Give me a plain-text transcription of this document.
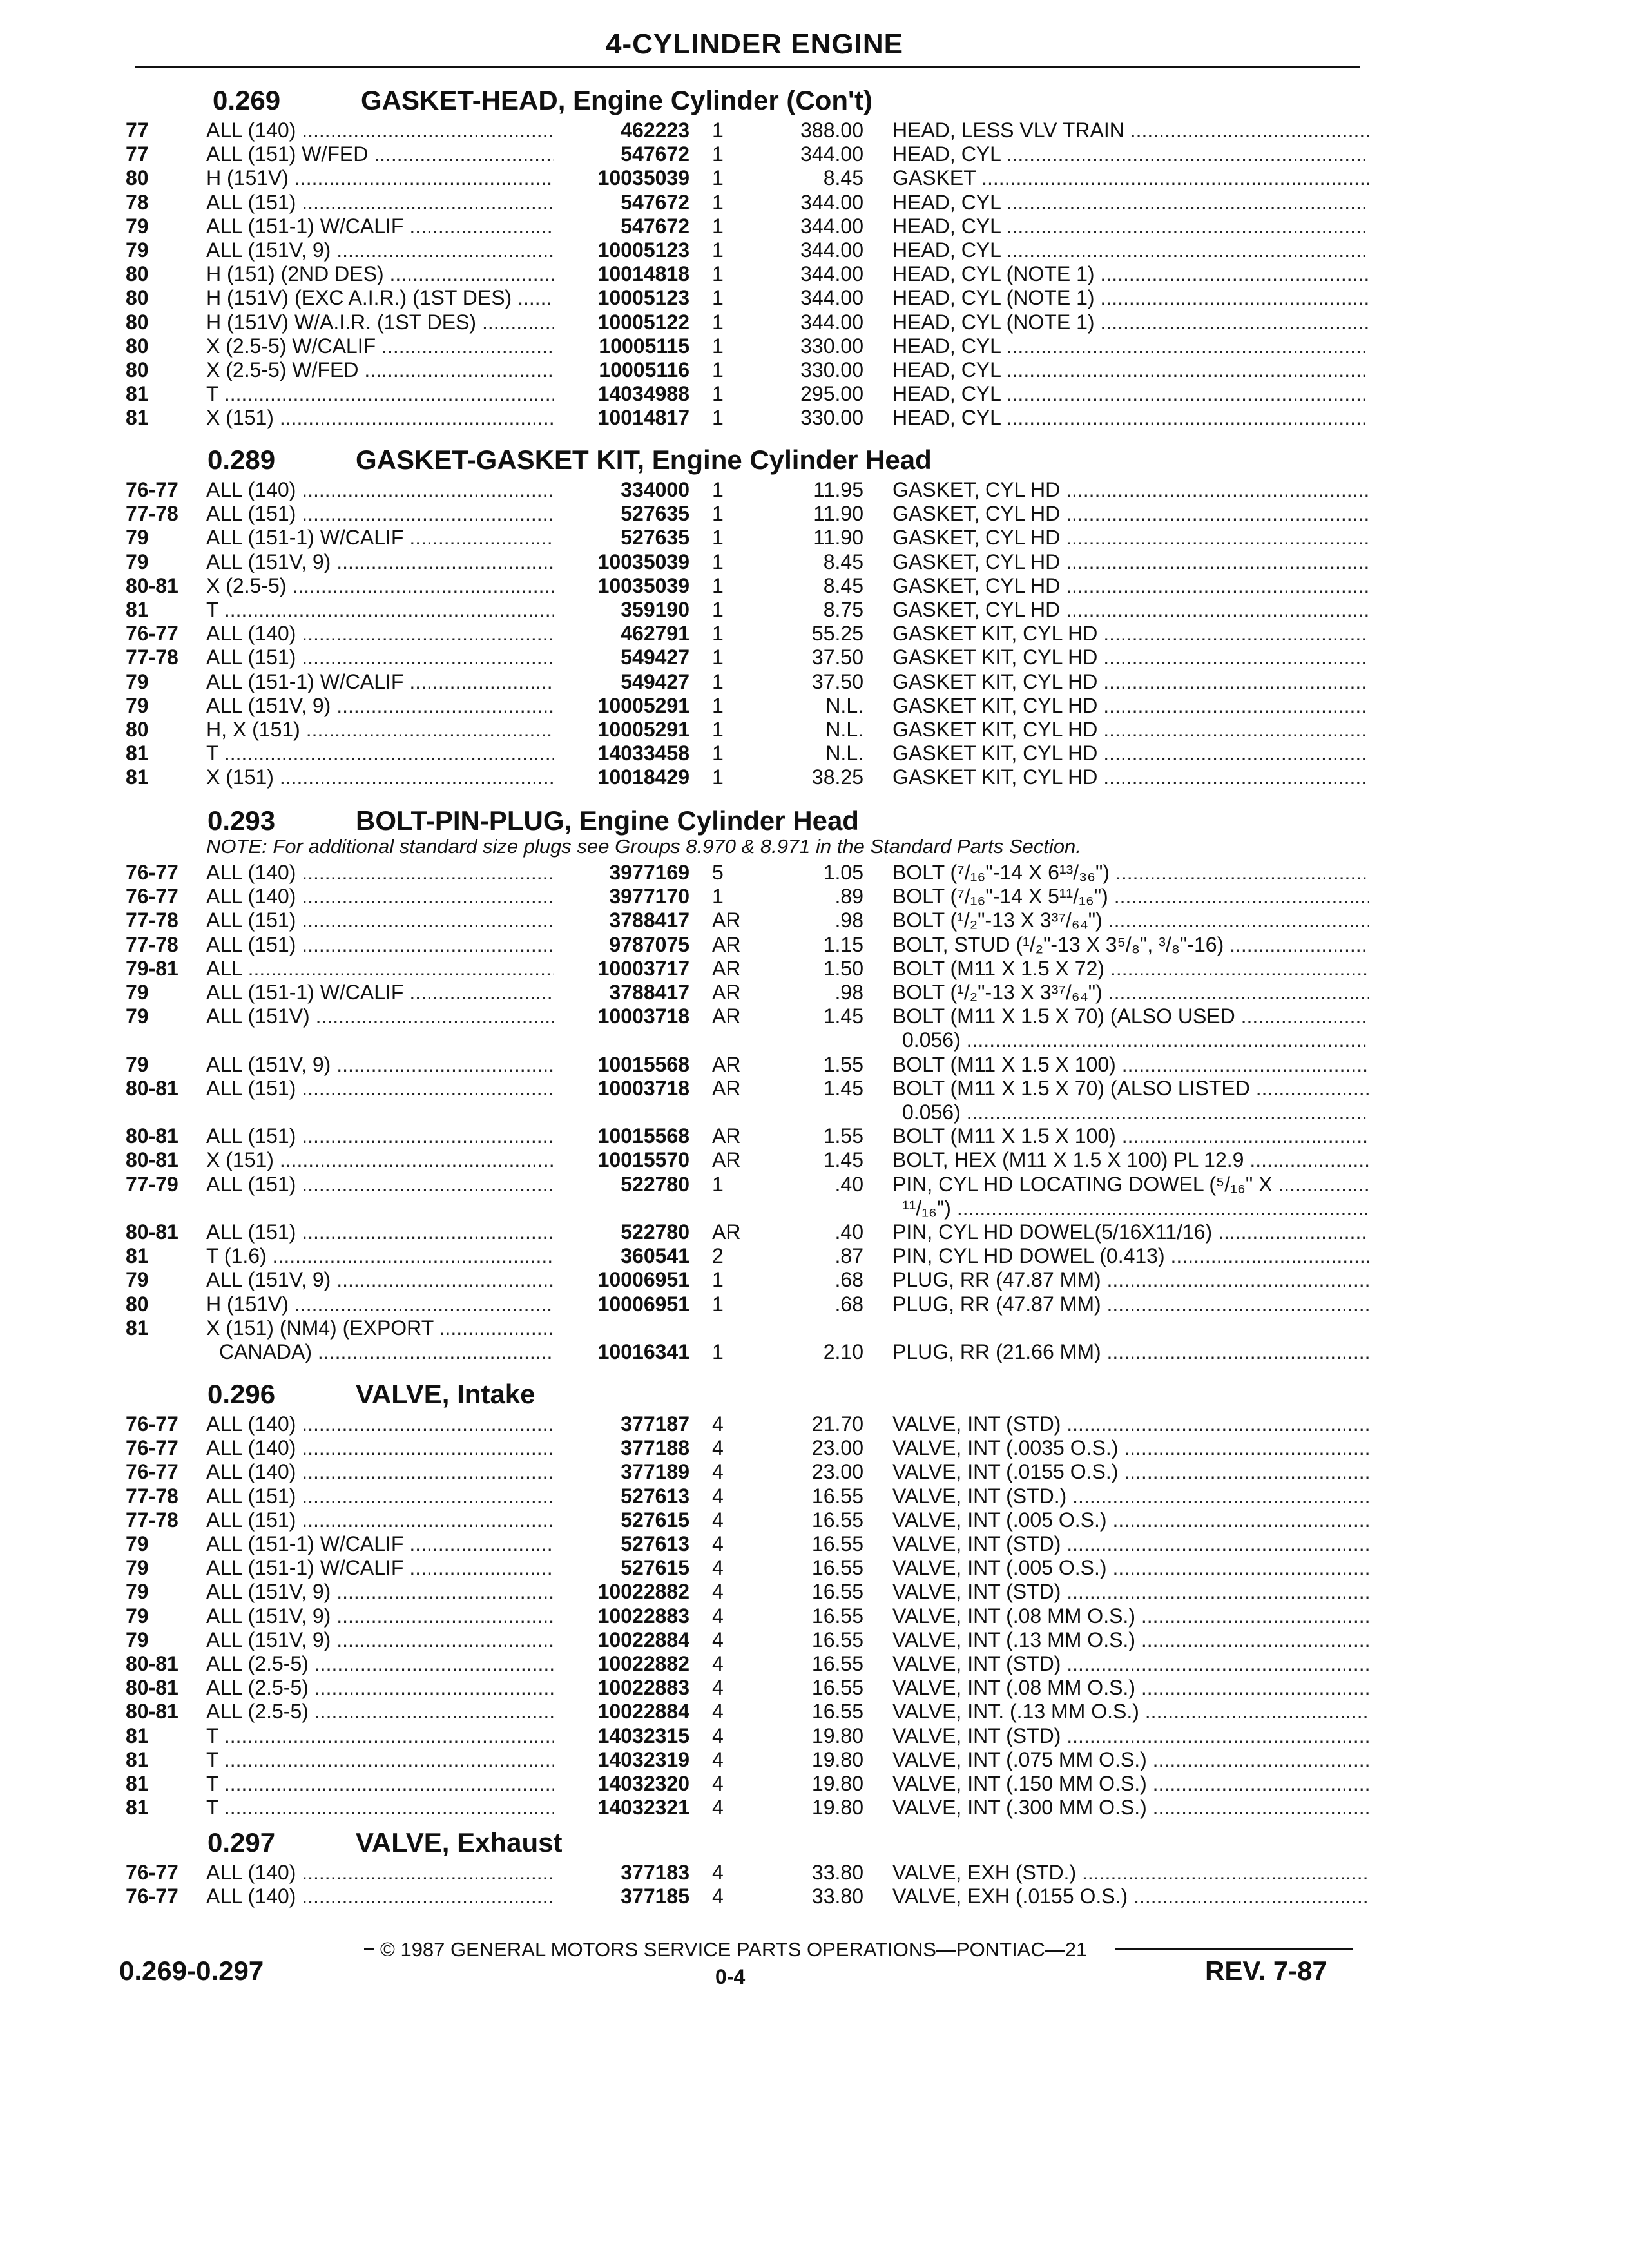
4-CYLINDER ENGINE
0.269	GASKET-HEAD, Engine Cylinder (Con't)
77	ALL (140) .....	462223 1	388.00 HEAD, LESS VLV TRAIN .....
77	ALL (151) W/FED .....	547672 1	344.00 HEAD, CYL .....
80	H (151V) .....	10035039 1	8.45 GASKET .....
78	ALL (151) .....	547672 1	344.00 HEAD, CYL .....
79	ALL (151-1) W/CALIF .....	547672 1	344.00 HEAD, CYL .....
79	ALL (151V, 9) .....	10005123 1	344.00 HEAD, CYL .....
80	H (151) (2ND DES) .....	10014818 1	344.00 HEAD, CYL (NOTE 1) .....
80	H (151V) (EXC A.I.R.) (1ST DES) .....	10005123 1	344.00 HEAD, CYL (NOTE 1) .....
80	H (151V) W/A.I.R. (1ST DES) .....	10005122 1	344.00 HEAD, CYL (NOTE 1) .....
80	X (2.5-5) W/CALIF .....	10005115 1	330.00 HEAD, CYL .....
80	X (2.5-5) W/FED .....	10005116 1	330.00 HEAD, CYL .....
81	T .....	14034988 1	295.00 HEAD, CYL .....
81	X (151) .....	10014817 1	330.00 HEAD, CYL .....
0.289	GASKET-GASKET KIT, Engine Cylinder Head
76-77 ALL (140) .....	334000 1	11.95 GASKET, CYL HD .....
77-78 ALL (151) .....	527635 1	11.90 GASKET, CYL HD .....
79	ALL (151-1) W/CALIF .....	527635 1	11.90 GASKET, CYL HD .....
79	ALL (151V, 9) .....	10035039 1	8.45 GASKET, CYL HD .....
80-81 X (2.5-5) .....	10035039 1	8.45 GASKET, CYL HD .....
81	T .....	359190 1	8.75 GASKET, CYL HD .....
76-77 ALL (140) .....	462791 1	55.25 GASKET KIT, CYL HD .....
77-78 ALL (151) .....	549427 1	37.50 GASKET KIT, CYL HD .....
79	ALL (151-1) W/CALIF .....	549427 1	37.50 GASKET KIT, CYL HD .....
79	ALL (151V, 9) .....	10005291 1	N.L. GASKET KIT, CYL HD .....
80	H, X (151) .....	10005291 1	N.L. GASKET KIT, CYL HD .....
81	T .....	14033458 1	N.L. GASKET KIT, CYL HD .....
81	X (151) .....	10018429 1	38.25 GASKET KIT, CYL HD .....
0.293	BOLT-PIN-PLUG, Engine Cylinder Head
NOTE: For additional standard size plugs see Groups 8.970 & 8.971 in the Standard Parts Section.
76-77 ALL (140) .....	3977169 5	1.05 BOLT (⁷/₁₆"-14 X 6¹³/₃₆") .....
76-77 ALL (140) .....	3977170 1	.89 BOLT (⁷/₁₆"-14 X 5¹¹/₁₆") .....
77-78 ALL (151) .....	3788417 AR	.98 BOLT (¹/₂"-13 X 3³⁷/₆₄") .....
77-78 ALL (151) .....	9787075 AR	1.15 BOLT, STUD (¹/₂"-13 X 3⁵/₈", ³/₈"-16) .....
79-81 ALL .....	10003717 AR	1.50 BOLT (M11 X 1.5 X 72) .....
79	ALL (151-1) W/CALIF .....	3788417 AR	.98 BOLT (¹/₂"-13 X 3³⁷/₆₄") .....
79	ALL (151V) .....	10003718 AR	1.45 BOLT (M11 X 1.5 X 70) (ALSO USED .....
0.056) .....
79	ALL (151V, 9) .....	10015568 AR	1.55 BOLT (M11 X 1.5 X 100) .....
80-81 ALL (151) .....	10003718 AR	1.45 BOLT (M11 X 1.5 X 70) (ALSO LISTED .....
0.056) .....
80-81 ALL (151) .....	10015568 AR	1.55 BOLT (M11 X 1.5 X 100) .....
80-81 X (151) .....	10015570 AR	1.45 BOLT, HEX (M11 X 1.5 X 100) PL 12.9 .....
77-79 ALL (151) .....	522780 1	.40 PIN, CYL HD LOCATING DOWEL (⁵/₁₆" X .....
¹¹/₁₆") .....
80-81 ALL (151) .....	522780 AR	.40 PIN, CYL HD DOWEL(5/16X11/16) .....
81	T (1.6) .....	360541 2	.87 PIN, CYL HD DOWEL (0.413) .....
79	ALL (151V, 9) .....	10006951 1	.68 PLUG, RR (47.87 MM) .....
80	H (151V) .....	10006951 1	.68 PLUG, RR (47.87 MM) .....
81	X (151) (NM4) (EXPORT .....
CANADA) .....	10016341 1	2.10 PLUG, RR (21.66 MM) .....
0.296	VALVE, Intake
76-77 ALL (140) .....	377187 4	21.70 VALVE, INT (STD) .....
76-77 ALL (140) .....	377188 4	23.00 VALVE, INT (.0035 O.S.) .....
76-77 ALL (140) .....	377189 4	23.00 VALVE, INT (.0155 O.S.) .....
77-78 ALL (151) .....	527613 4	16.55 VALVE, INT (STD.) .....
77-78 ALL (151) .....	527615 4	16.55 VALVE, INT (.005 O.S.) .....
79	ALL (151-1) W/CALIF .....	527613 4	16.55 VALVE, INT (STD) .....
79	ALL (151-1) W/CALIF .....	527615 4	16.55 VALVE, INT (.005 O.S.) .....
79	ALL (151V, 9) .....	10022882 4	16.55 VALVE, INT (STD) .....
79	ALL (151V, 9) .....	10022883 4	16.55 VALVE, INT (.08 MM O.S.) .....
79	ALL (151V, 9) .....	10022884 4	16.55 VALVE, INT (.13 MM O.S.) .....
80-81 ALL (2.5-5) .....	10022882 4	16.55 VALVE, INT (STD) .....
80-81 ALL (2.5-5) .....	10022883 4	16.55 VALVE, INT (.08 MM O.S.) .....
80-81 ALL (2.5-5) .....	10022884 4	16.55 VALVE, INT. (.13 MM O.S.) .....
81	T .....	14032315 4	19.80 VALVE, INT (STD) .....
81	T .....	14032319 4	19.80 VALVE, INT (.075 MM O.S.) .....
81	T .....	14032320 4	19.80 VALVE, INT (.150 MM O.S.) .....
81	T .....	14032321 4	19.80 VALVE, INT (.300 MM O.S.) .....
0.297	VALVE, Exhaust
76-77 ALL (140) .....	377183 4	33.80 VALVE, EXH (STD.) .....
76-77 ALL (140) .....	377185 4	33.80 VALVE, EXH (.0155 O.S.) .....
© 1987 GENERAL MOTORS SERVICE PARTS OPERATIONS—PONTIAC—21
0.269-0.297	0-4	REV. 7-87
